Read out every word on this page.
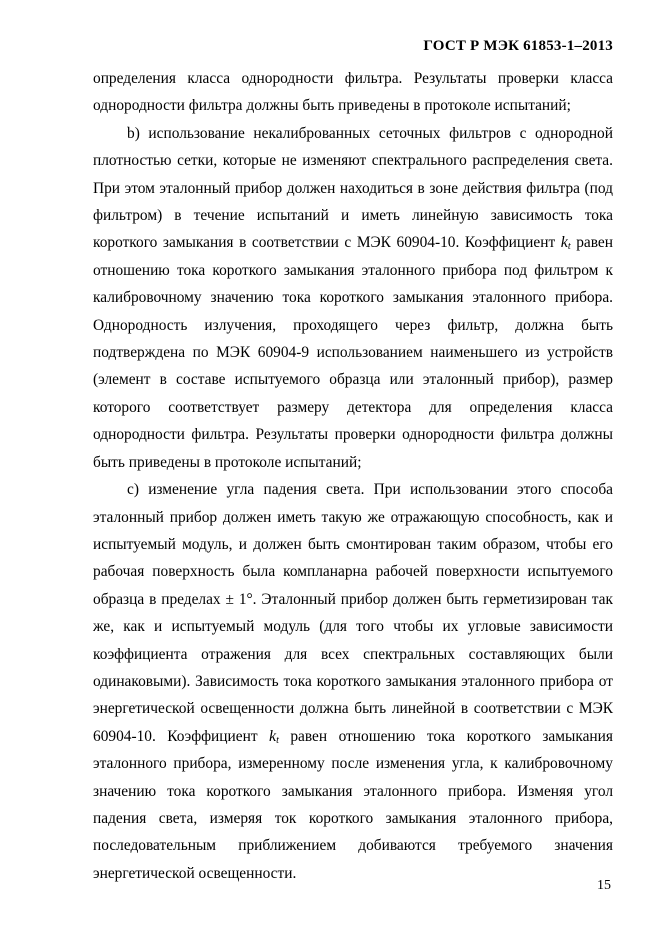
ГОСТ Р МЭК 61853-1–2013

определения класса однородности фильтра. Результаты проверки класса однородности фильтра должны быть приведены в протоколе испытаний;

b) использование некалиброванных сеточных фильтров с однородной плотностью сетки, которые не изменяют спектрального распределения света. При этом эталонный прибор должен находиться в зоне действия фильтра (под фильтром) в течение испытаний и иметь линейную зависимость тока короткого замыкания в соответствии с МЭК 60904-10. Коэффициент $k_t$ равен отношению тока короткого замыкания эталонного прибора под фильтром к калибровочному значению тока короткого замыкания эталонного прибора. Однородность излучения, проходящего через фильтр, должна быть подтверждена по МЭК 60904-9 использованием наименьшего из устройств (элемент в составе испытуемого образца или эталонный прибор), размер которого соответствует размеру детектора для определения класса однородности фильтра. Результаты проверки однородности фильтра должны быть приведены в протоколе испытаний;

c) изменение угла падения света. При использовании этого способа эталонный прибор должен иметь такую же отражающую способность, как и испытуемый модуль, и должен быть смонтирован таким образом, чтобы его рабочая поверхность была компланарна рабочей поверхности испытуемого образца в пределах ± 1°. Эталонный прибор должен быть герметизирован так же, как и испытуемый модуль (для того чтобы их угловые зависимости коэффициента отражения для всех спектральных составляющих были одинаковыми). Зависимость тока короткого замыкания эталонного прибора от энергетической освещенности должна быть линейной в соответствии с МЭК 60904-10. Коэффициент $k_t$ равен отношению тока короткого замыкания эталонного прибора, измеренному после изменения угла, к калибровочному значению тока короткого замыкания эталонного прибора. Изменяя угол падения света, измеряя ток короткого замыкания эталонного прибора, последовательным приближением добиваются требуемого значения энергетической освещенности.

15
